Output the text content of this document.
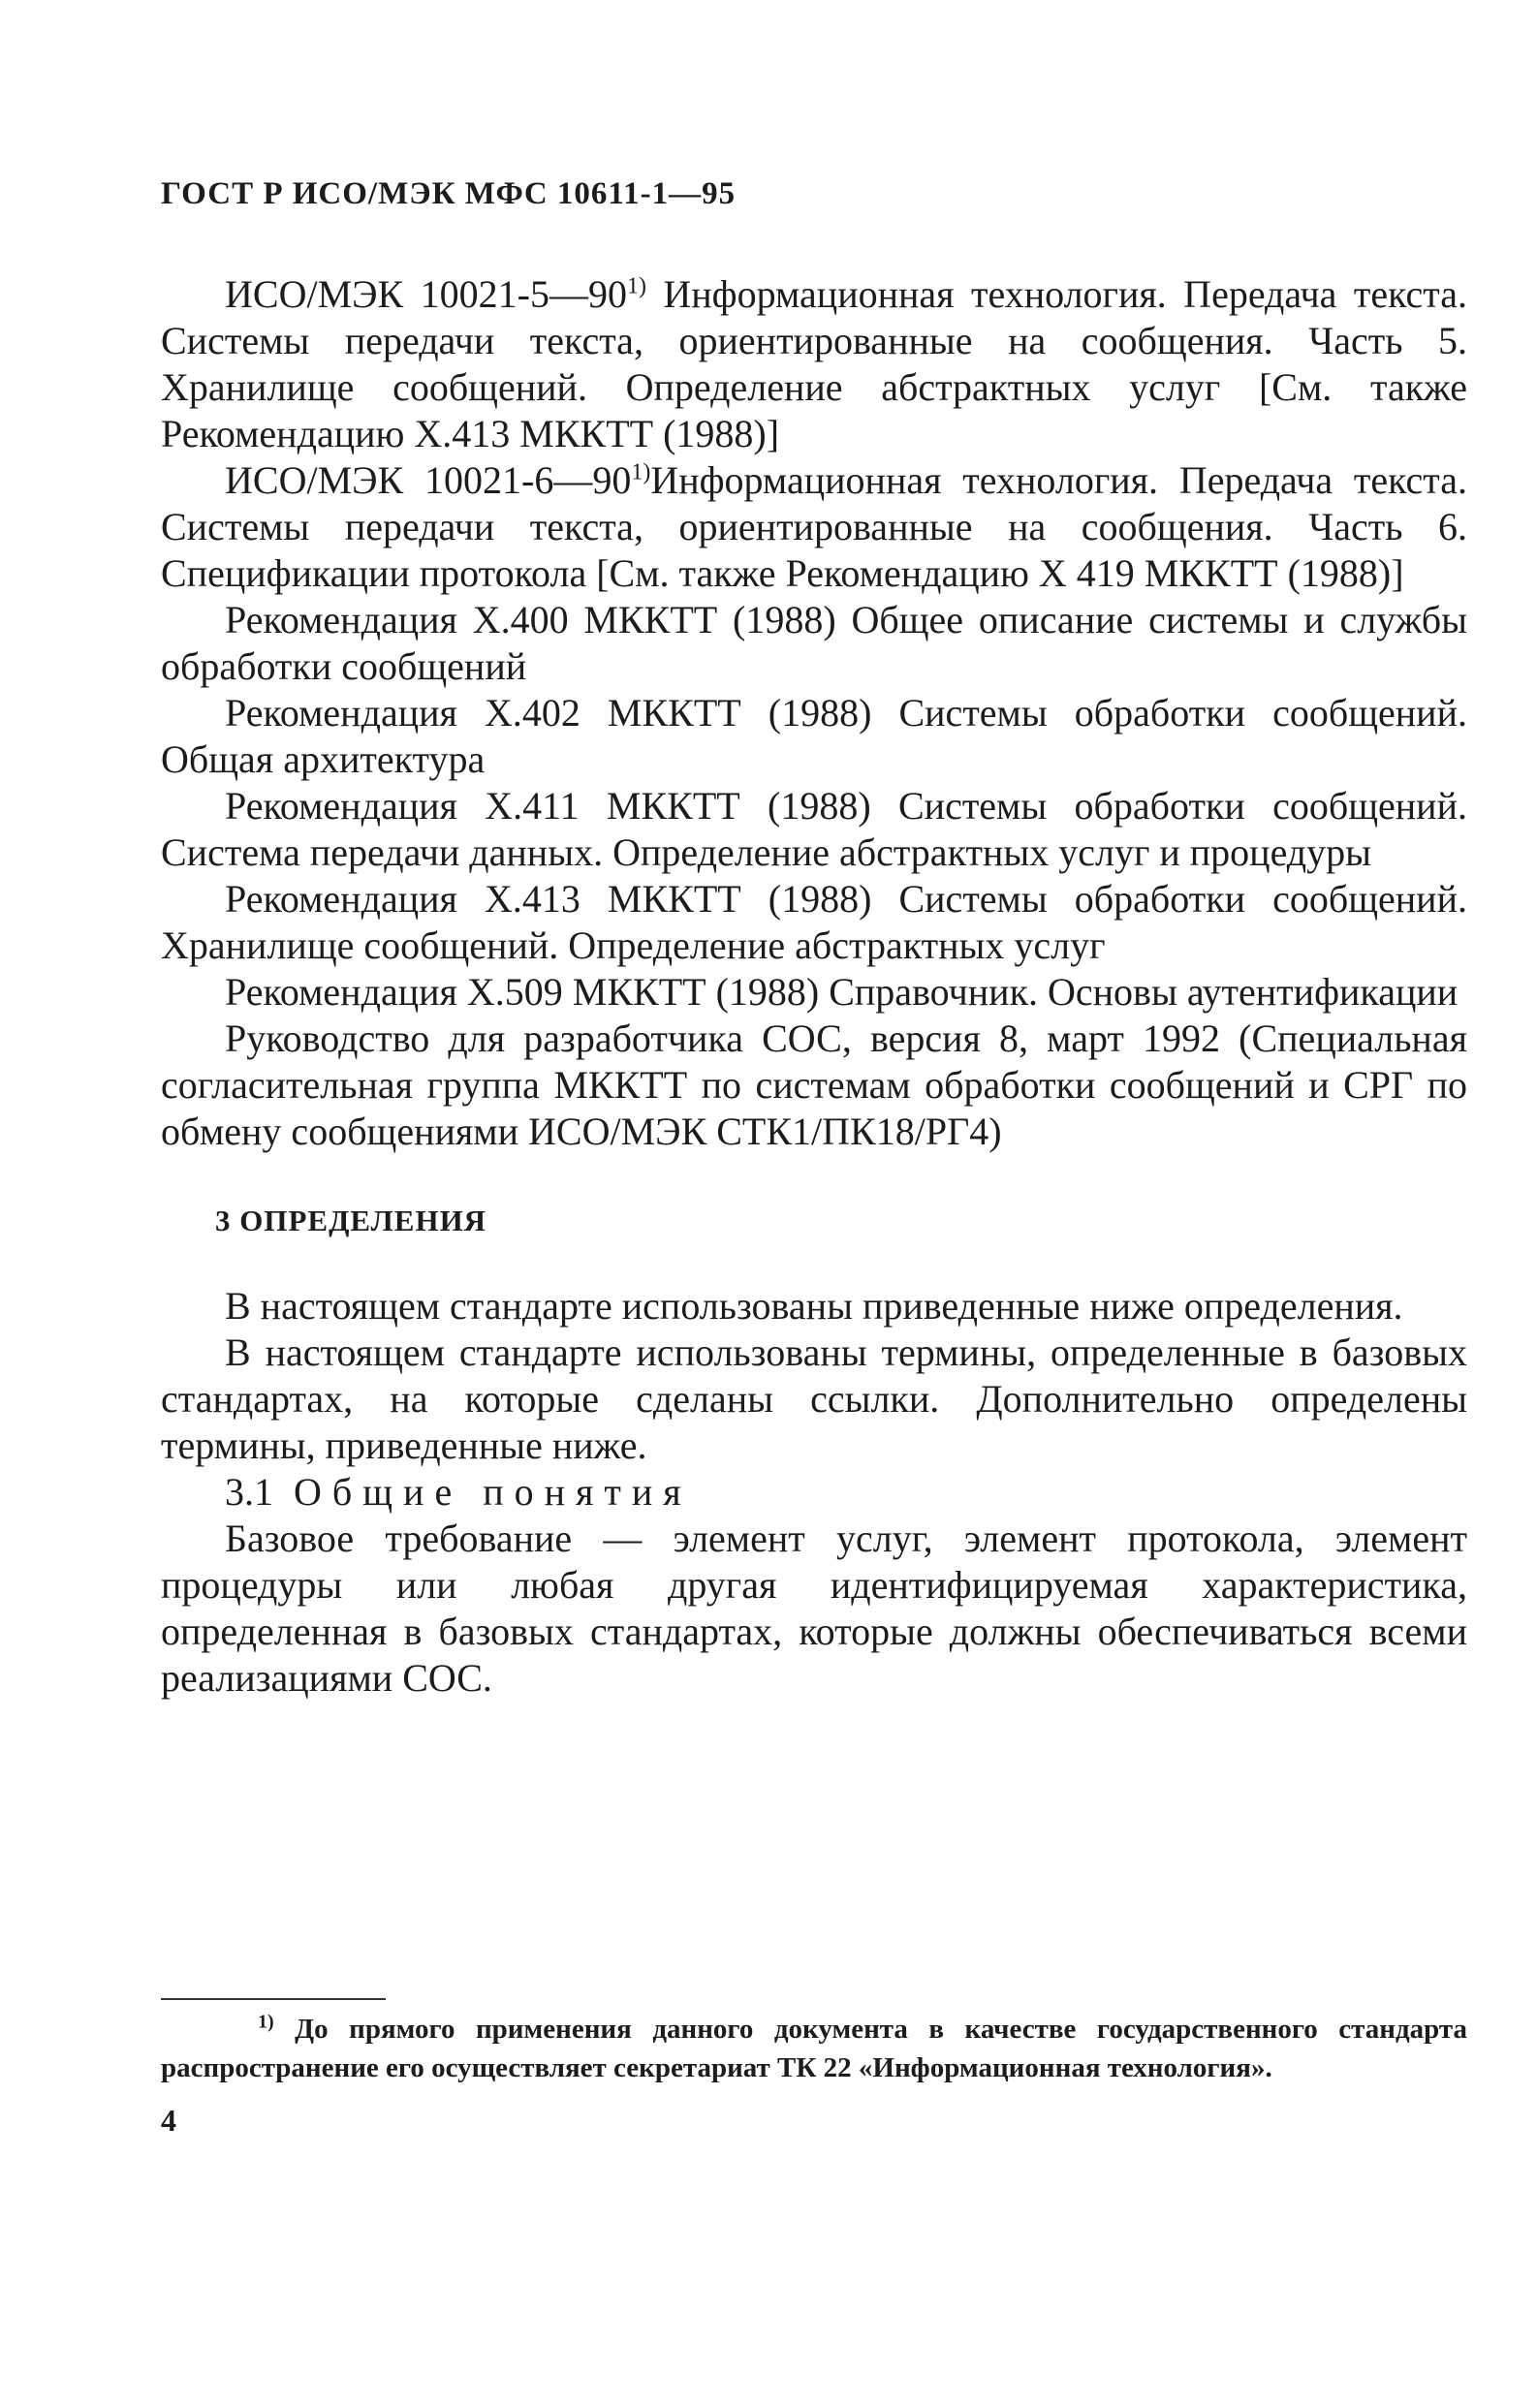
ГОСТ Р ИСО/МЭК МФС 10611-1—95

ИСО/МЭК 10021-5—90$^{1)}$ Информационная технология. Передача текста. Системы передачи текста, ориентированные на сообщения. Часть 5. Хранилище сообщений. Определение абстрактных услуг [См. также Рекомендацию X.413 МККТТ (1988)]

ИСО/МЭК 10021-6—90$^{1)}$Информационная технология. Передача текста. Системы передачи текста, ориентированные на сообщения. Часть 6. Спецификации протокола [См. также Рекомендацию X 419 МККТТ (1988)]

Рекомендация X.400 МККТТ (1988) Общее описание системы и службы обработки сообщений

Рекомендация X.402 МККТТ (1988) Системы обработки сообщений. Общая архитектура

Рекомендация X.411 МККТТ (1988) Системы обработки сообщений. Система передачи данных. Определение абстрактных услуг и процедуры

Рекомендация X.413 МККТТ (1988) Системы обработки сообщений. Хранилище сообщений. Определение абстрактных услуг

Рекомендация X.509 МККТТ (1988) Справочник. Основы аутентификации

Руководство для разработчика СОС, версия 8, март 1992 (Специальная согласительная группа МККТТ по системам обработки сообщений и СРГ по обмену сообщениями ИСО/МЭК СТК1/ПК18/РГ4)

3 ОПРЕДЕЛЕНИЯ

В настоящем стандарте использованы приведенные ниже определения.

В настоящем стандарте использованы термины, определенные в базовых стандартах, на которые сделаны ссылки. Дополнительно определены термины, приведенные ниже.

3.1 Общие понятия

Базовое требование — элемент услуг, элемент протокола, элемент процедуры или любая другая идентифицируемая характеристика, определенная в базовых стандартах, которые должны обеспечиваться всеми реализациями СОС.

$^{1)}$ До прямого применения данного документа в качестве государственного стандарта распространение его осуществляет секретариат ТК 22 «Информационная технология».
4
